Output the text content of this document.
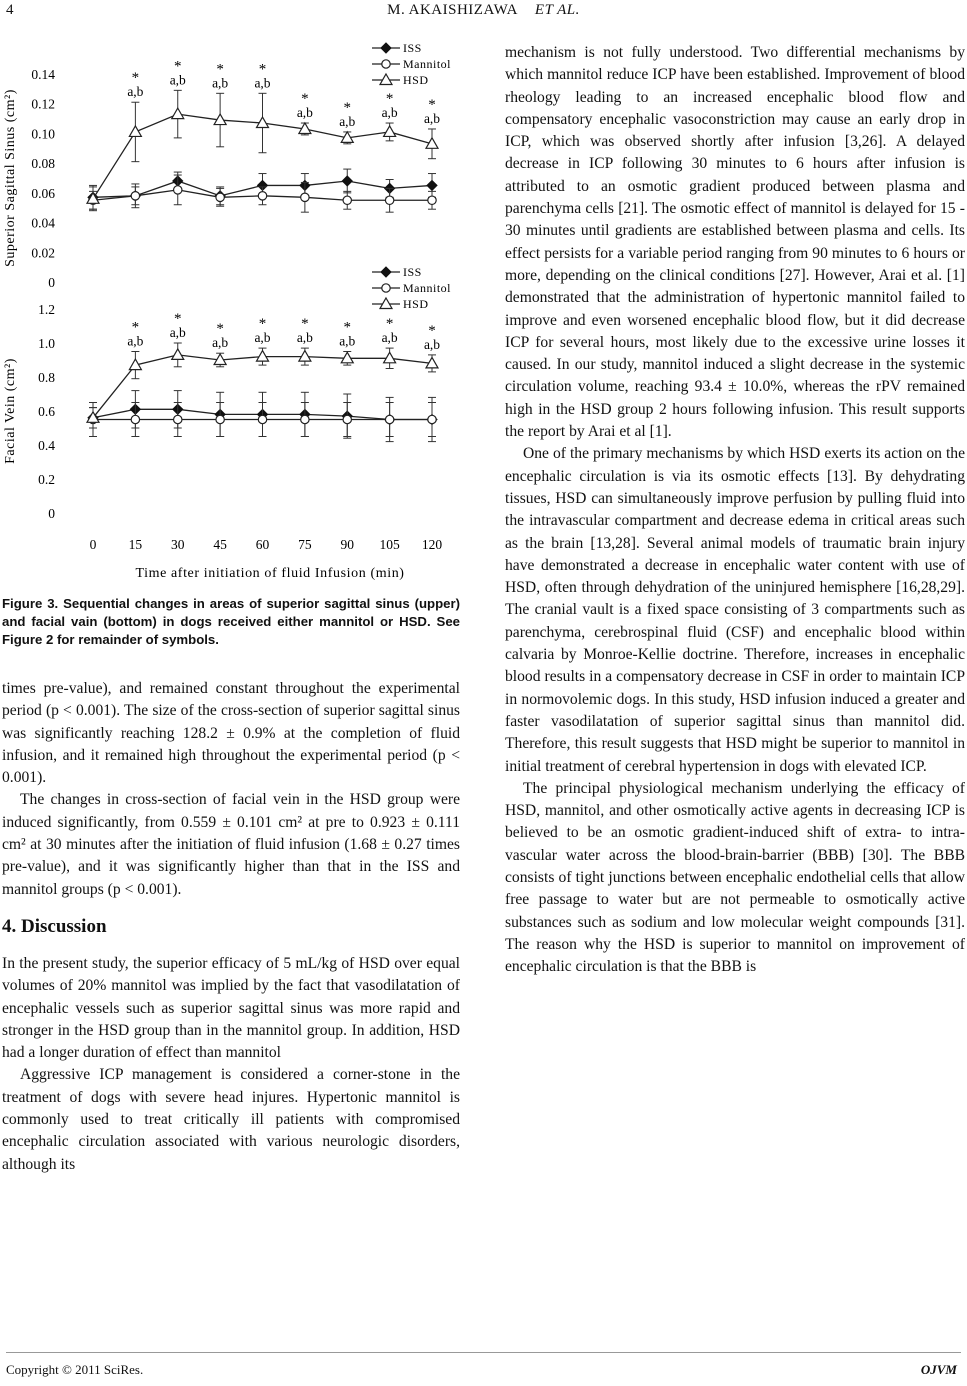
4	M. AKAISHIZAWA ET AL.
Superior Sagittal Sinus (cm²)
0
0.02
0.04
0.06
0.08
0.10
0.12
0.14
ISS
Mannitol
HSD
*
a,b
*
a,b
*
a,b
*
a,b
*
a,b *
a,b
*
a,b *
a,b
Facial Vein (cm²)
0
0.2
0.4
0.6
0.8
1.0
1.2
0 15 30 45 60 75 90 105 120
ISS
Mannitol
HSD
*
a,b
*
a,b *
a,b
*
a,b
*
a,b
*
a,b
*
a,b *
a,b
Time after initiation of fluid Infusion (min)
Figure 3. Sequential changes in areas of superior sagittal sinus (upper) and facial vain (bottom) in dogs received either mannitol or HSD. See Figure 2 for remainder of symbols.

times pre-value), and remained constant throughout the experimental period (p < 0.001). The size of the cross-section of superior sagittal sinus was significantly reaching 128.2 ± 0.9% at the completion of fluid infusion, and it remained high throughout the experimental period (p < 0.001).

The changes in cross-section of facial vein in the HSD group were induced significantly, from 0.559 ± 0.101 cm² at pre to 0.923 ± 0.111 cm² at 30 minutes after the initiation of fluid infusion (1.68 ± 0.27 times pre-value), and it was significantly higher than that in the ISS and mannitol groups (p < 0.001).

4. Discussion

In the present study, the superior efficacy of 5 mL/kg of HSD over equal volumes of 20% mannitol was implied by the fact that vasodilatation of encephalic vessels such as superior sagittal sinus was more rapid and stronger in the HSD group than in the mannitol group. In addition, HSD had a longer duration of effect than mannitol

Aggressive ICP management is considered a corner-stone in the treatment of dogs with severe head injures. Hypertonic mannitol is commonly used to treat critically ill patients with compromised encephalic circulation associated with various neurologic disorders, although its

mechanism is not fully understood. Two differential mechanisms by which mannitol reduce ICP have been established. Improvement of blood rheology leading to an increased encephalic blood flow and compensatory encephalic vasoconstriction may cause an early drop in ICP, which was observed shortly after infusion [3,26]. A delayed decrease in ICP following 30 minutes to 6 hours after infusion is attributed to an osmotic gradient produced between plasma and parenchyma cells [21]. The osmotic effect of mannitol is delayed for 15 - 30 minutes until gradients are established between plasma and cells. Its effect persists for a variable period ranging from 90 minutes to 6 hours or more, depending on the clinical conditions [27]. However, Arai et al. [1] demonstrated that the administration of hypertonic mannitol failed to improve and even worsened encephalic blood flow, but it did decrease ICP for several hours, most likely due to the excessive urine losses it caused. In our study, mannitol induced a slight decrease in the systemic circulation volume, reaching 93.4 ± 10.0%, whereas the rPV remained high in the HSD group 2 hours following infusion. This result supports the report by Arai et al [1].

One of the primary mechanisms by which HSD exerts its action on the encephalic circulation is via its osmotic effects [13]. By dehydrating tissues, HSD can simultaneously improve perfusion by pulling fluid into the intravascular compartment and decrease edema in critical areas such as the brain [13,28]. Several animal models of traumatic brain injury have demonstrated a decrease in encephalic water content with use of HSD, often through dehydration of the uninjured hemisphere [16,28,29]. The cranial vault is a fixed space consisting of 3 compartments such as parenchyma, cerebrospinal fluid (CSF) and encephalic blood within calvaria by Monroe-Kellie doctrine. Therefore, increases in encephalic blood results in a compensatory decrease in CSF in order to maintain ICP in normovolemic dogs. In this study, HSD infusion induced a greater and faster vasodilatation of superior sagittal sinus than mannitol did. Therefore, this result suggests that HSD might be superior to mannitol in initial treatment of cerebral hypertension in dogs with elevated ICP.

The principal physiological mechanism underlying the efficacy of HSD, mannitol, and other osmotically active agents in decreasing ICP is believed to be an osmotic gradient-induced shift of extra- to intra-vascular water across the blood-brain-barrier (BBB) [30]. The BBB consists of tight junctions between encephalic endothelial cells that allow free passage to water but are not permeable to osmotically active substances such as sodium and low molecular weight compounds [31]. The reason why the HSD is superior to mannitol on improvement of encephalic circulation is that the BBB is

Copyright © 2011 SciRes.	OJVM
